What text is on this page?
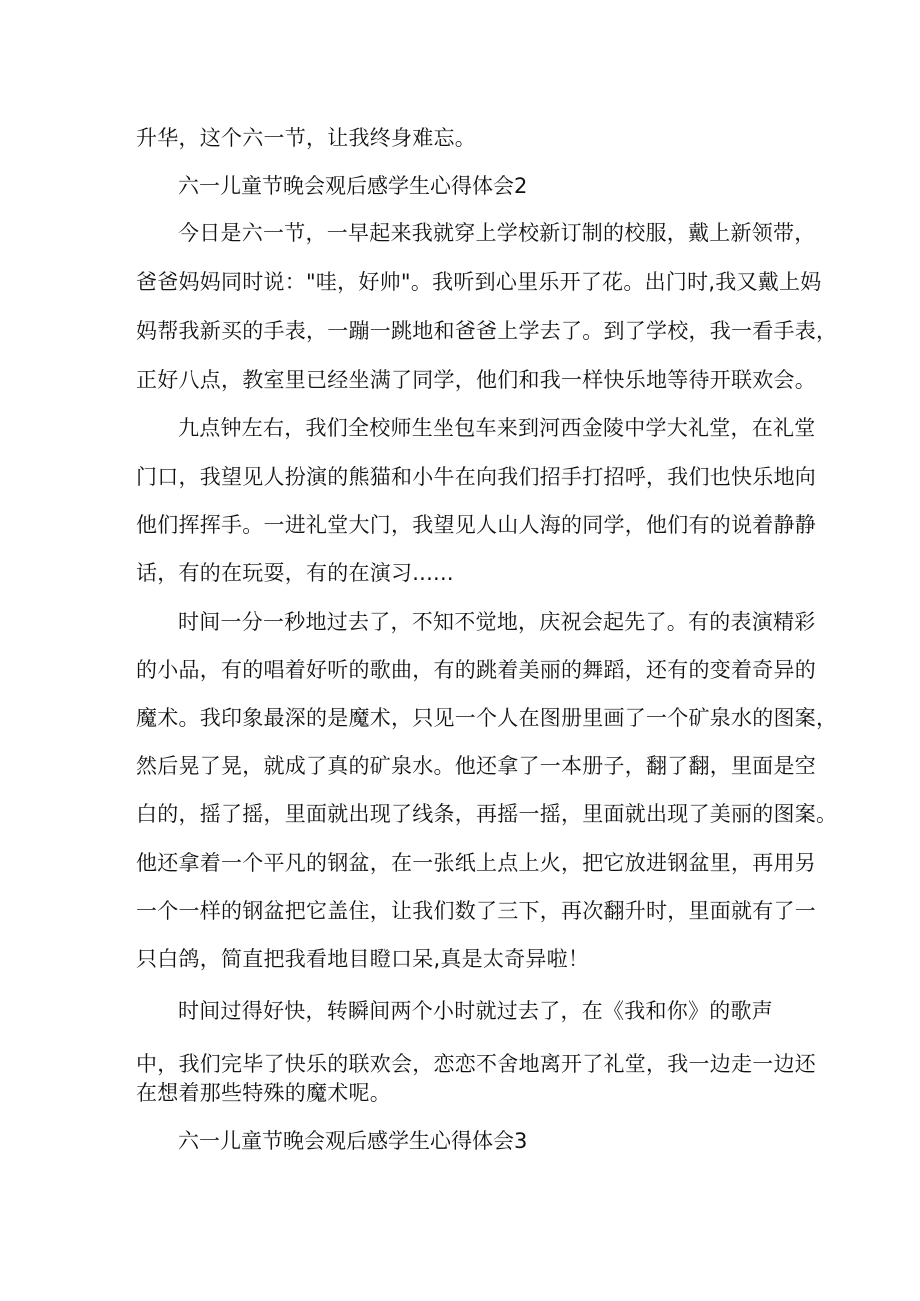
升华，这个六一节，让我终身难忘。
六一儿童节晚会观后感学生心得体会2
今日是六一节，一早起来我就穿上学校新订制的校服，戴上新领带，
爸爸妈妈同时说："哇，好帅"。我听到心里乐开了花。出门时,我又戴上妈
妈帮我新买的手表，一蹦一跳地和爸爸上学去了。到了学校，我一看手表，
正好八点，教室里已经坐满了同学，他们和我一样快乐地等待开联欢会。
九点钟左右，我们全校师生坐包车来到河西金陵中学大礼堂，在礼堂
门口，我望见人扮演的熊猫和小牛在向我们招手打招呼，我们也快乐地向
他们挥挥手。一进礼堂大门，我望见人山人海的同学，他们有的说着静静
话，有的在玩耍，有的在演习......
时间一分一秒地过去了，不知不觉地，庆祝会起先了。有的表演精彩
的小品，有的唱着好听的歌曲，有的跳着美丽的舞蹈，还有的变着奇异的
魔术。我印象最深的是魔术，只见一个人在图册里画了一个矿泉水的图案，
然后晃了晃，就成了真的矿泉水。他还拿了一本册子，翻了翻，里面是空
白的，摇了摇，里面就出现了线条，再摇一摇，里面就出现了美丽的图案。
他还拿着一个平凡的钢盆，在一张纸上点上火，把它放进钢盆里，再用另
一个一样的钢盆把它盖住，让我们数了三下，再次翻升时，里面就有了一
只白鸽，简直把我看地目瞪口呆,真是太奇异啦！
时间过得好快，转瞬间两个小时就过去了，在《我和你》的歌声
中，我们完毕了快乐的联欢会，恋恋不舍地离开了礼堂，我一边走一边还
在想着那些特殊的魔术呢。
六一儿童节晚会观后感学生心得体会3
